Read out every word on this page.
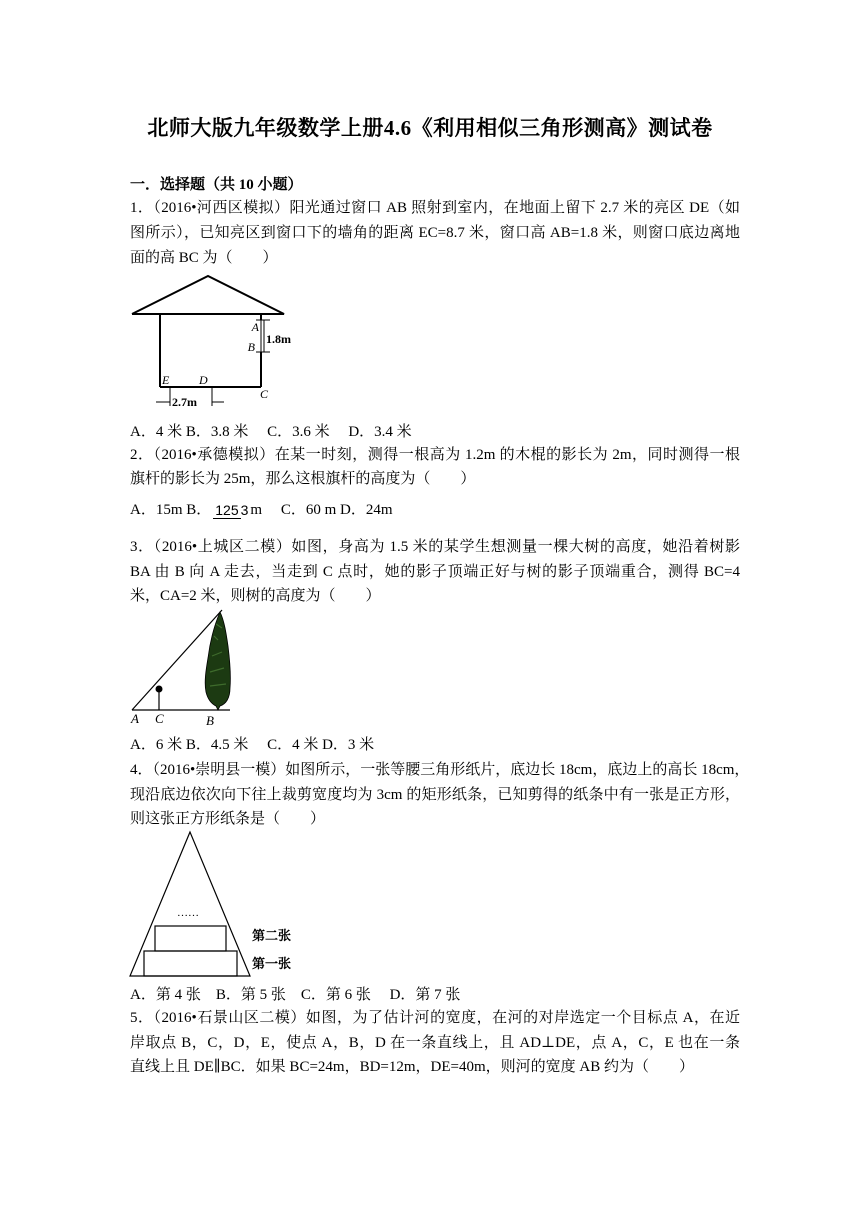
北师大版九年级数学上册4.6《利用相似三角形测高》测试卷
一．选择题（共 10 小题）
1．（2016•河西区模拟）阳光通过窗口 AB 照射到室内，在地面上留下 2.7 米的亮区 DE（如
图所示），已知亮区到窗口下的墙角的距离 EC=8.7 米，窗口高 AB=1.8 米，则窗口底边离地
面的高 BC 为（　　）
A
B
1.8m
C
E D
2.7m
A．4 米 B．3.8 米　 C．3.6 米　 D．3.4 米
2．（2016•承德模拟）在某一时刻，测得一根高为 1.2m 的木棍的影长为 2m，同时测得一根
旗杆的影长为 25m，那么这根旗杆的高度为（　　）
A．15m B． 125 3 m　 C．60 m D．24m
3．（2016•上城区二模）如图，身高为 1.5 米的某学生想测量一棵大树的高度，她沿着树影
BA 由 B 向 A 走去，当走到 C 点时，她的影子顶端正好与树的影子顶端重合，测得 BC=4
米，CA=2 米，则树的高度为（　　）
A C	B
A．6 米 B．4.5 米　 C．4 米 D．3 米
4．（2016•崇明县一模）如图所示，一张等腰三角形纸片，底边长 18cm，底边上的高长 18cm，
现沿底边依次向下往上裁剪宽度均为 3cm 的矩形纸条，已知剪得的纸条中有一张是正方形，
则这张正方形纸条是（　　）
……
第二张
第一张
A．第 4 张　B．第 5 张　C．第 6 张　 D．第 7 张
5．（2016•石景山区二模）如图，为了估计河的宽度，在河的对岸选定一个目标点 A，在近
岸取点 B，C，D，E，使点 A，B，D 在一条直线上，且 AD⊥DE，点 A，C，E 也在一条
直线上且 DE∥BC．如果 BC=24m，BD=12m，DE=40m，则河的宽度 AB 约为（　　）
